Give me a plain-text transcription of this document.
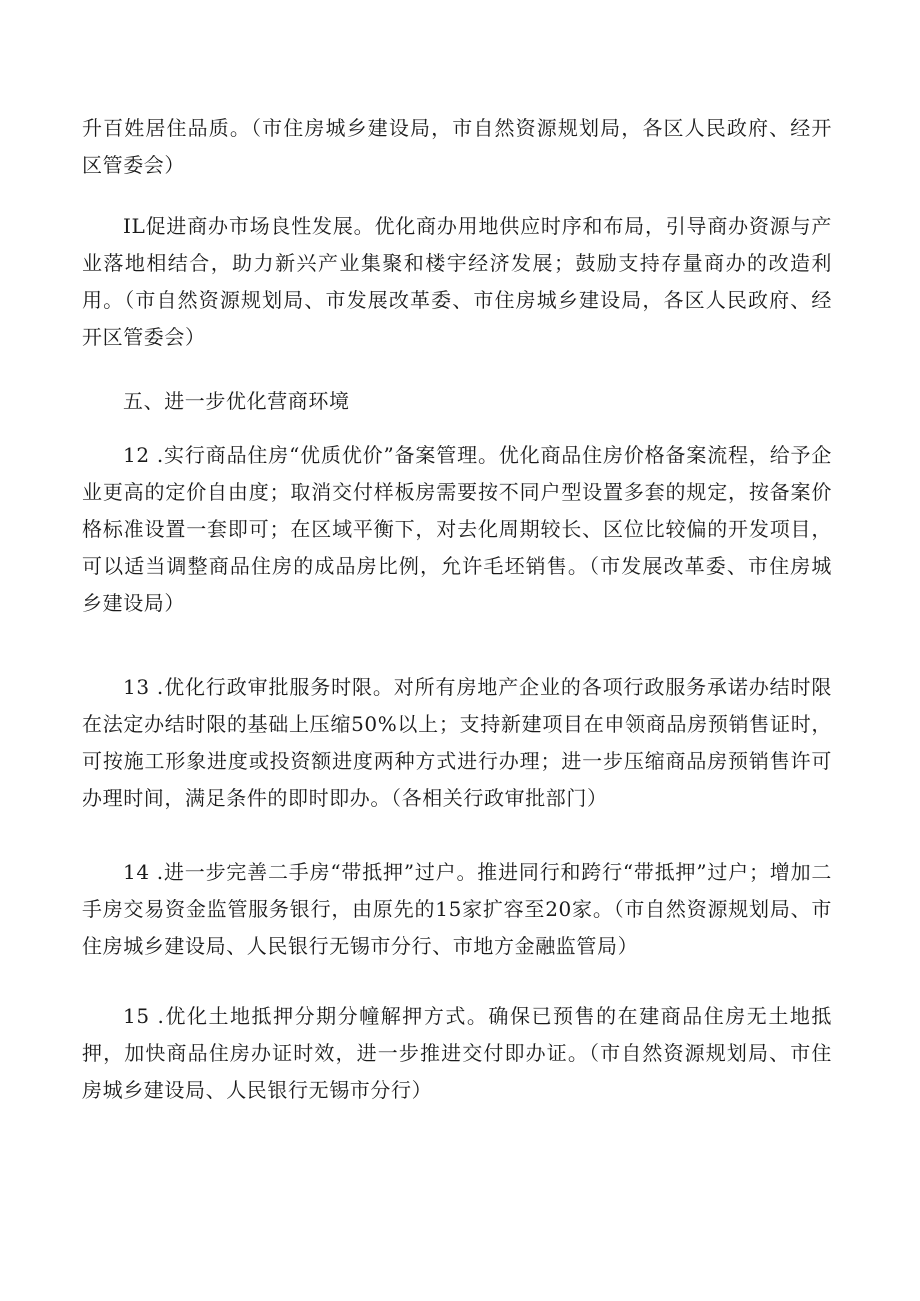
升百姓居住品质。（市住房城乡建设局，市自然资源规划局，各区人民政府、经开区管委会）

IL促进商办市场良性发展。优化商办用地供应时序和布局，引导商办资源与产业落地相结合，助力新兴产业集聚和楼宇经济发展；鼓励支持存量商办的改造利用。（市自然资源规划局、市发展改革委、市住房城乡建设局，各区人民政府、经开区管委会）

五、进一步优化营商环境

12 .实行商品住房“优质优价”备案管理。优化商品住房价格备案流程，给予企业更高的定价自由度；取消交付样板房需要按不同户型设置多套的规定，按备案价格标准设置一套即可；在区域平衡下，对去化周期较长、区位比较偏的开发项目，可以适当调整商品住房的成品房比例，允许毛坯销售。（市发展改革委、市住房城乡建设局）

13 .优化行政审批服务时限。对所有房地产企业的各项行政服务承诺办结时限在法定办结时限的基础上压缩50%以上；支持新建项目在申领商品房预销售证时，可按施工形象进度或投资额进度两种方式进行办理；进一步压缩商品房预销售许可办理时间，满足条件的即时即办。（各相关行政审批部门）

14 .进一步完善二手房“带抵押”过户。推进同行和跨行“带抵押”过户；增加二手房交易资金监管服务银行，由原先的15家扩容至20家。（市自然资源规划局、市住房城乡建设局、人民银行无锡市分行、市地方金融监管局）

15 .优化土地抵押分期分幢解押方式。确保已预售的在建商品住房无土地抵押，加快商品住房办证时效，进一步推进交付即办证。（市自然资源规划局、市住房城乡建设局、人民银行无锡市分行）
